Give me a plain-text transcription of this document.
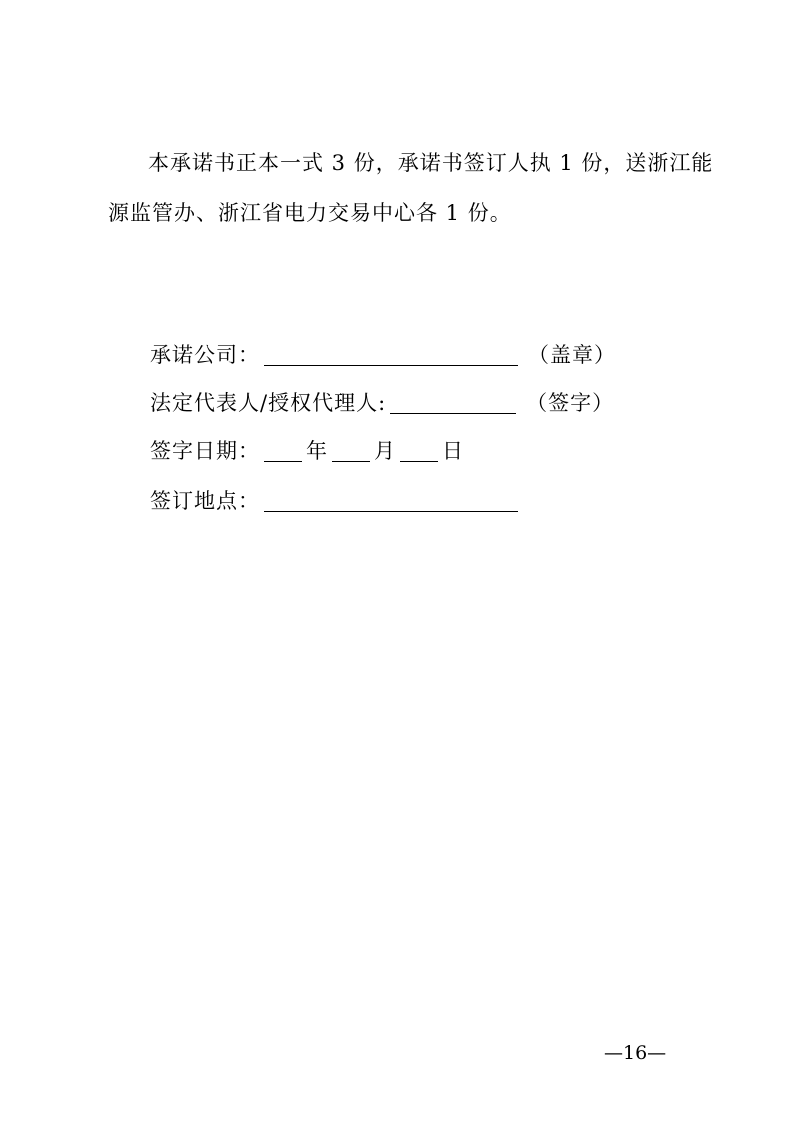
本承诺书正本一式 3 份，承诺书签订人执 1 份，送浙江能
源监管办、浙江省电力交易中心各 1 份。
承诺公司：	（盖章）
法定代表人/授权代理人:	（签字）
签字日期： 年 月 日
签订地点：
—16—
